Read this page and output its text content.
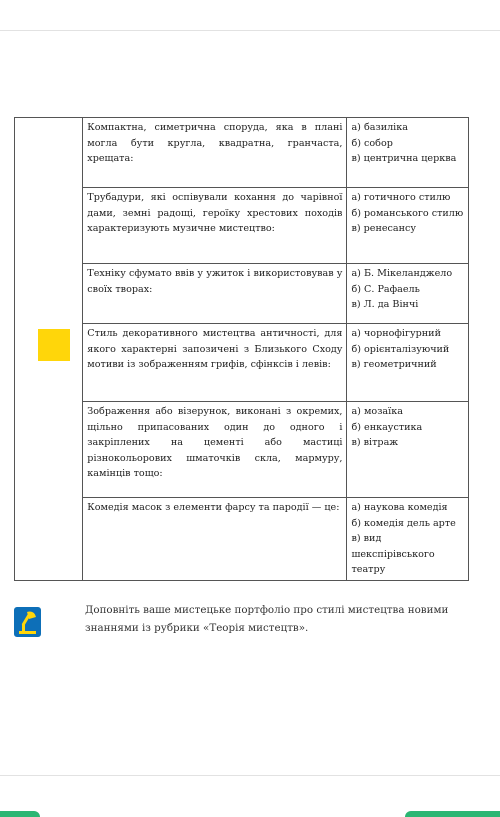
	Компактна, симетрична споруда, яка в плані могла бути кругла, квадратна, гранчаста, хрещата:	а) базиліка
б) собор
в) центрична церква

	Трубадури, які оспівували кохання до чарівної дами, земні радощі, героїку хрестових походів характеризують музичне мистецтво:	а) готичного стилю
б) романського стилю
в) ренесансу

	Техніку сфумато ввів у ужиток і використовував у своїх творах:	а) Б. Мікеланджело
б) С. Рафаель
в) Л. да Вінчі

	Стиль декоративного мистецтва античності, для якого характерні запозичені з Близького Сходу мотиви із зображенням грифів, сфінксів і левів:	а) чорнофігурний
б) орієнталізуючий
в) геометричний

	Зображення або візерунок, виконані з окремих, щільно припасованих один до одного і закріплених на цементі або мастиці різнокольорових шматочків скла, мармуру, камінців тощо:	а) мозаїка
б) енкаустика
в) вітраж

	Комедія масок з елементи фарсу та пародії — це:	а) наукова комедія
б) комедія дель арте
в) вид шекспірівського театру
Доповніть ваше мистецьке портфоліо про стилі мистецтва новими знаннями із рубрики «Теорія мистецтв».
